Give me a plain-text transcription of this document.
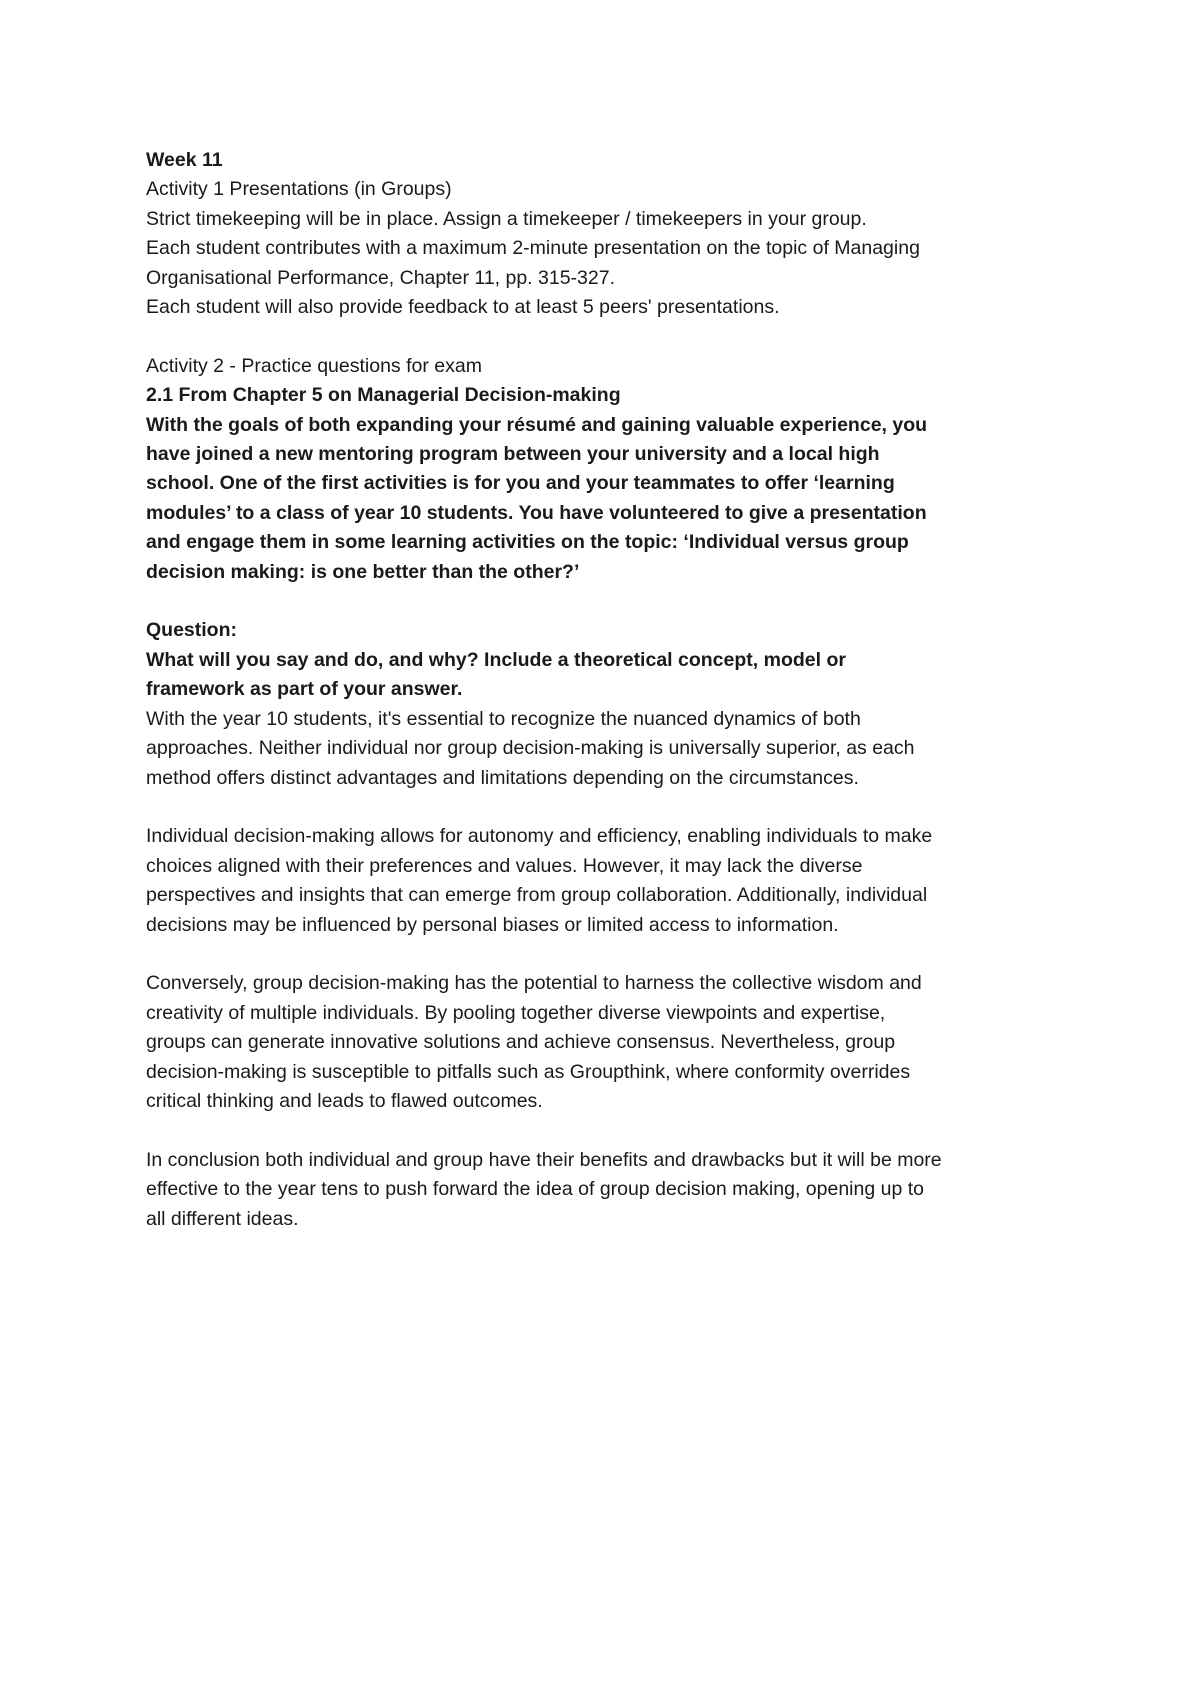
Week 11
Activity 1 Presentations (in Groups)
Strict timekeeping will be in place. Assign a timekeeper / timekeepers in your group.
Each student contributes with a maximum 2-minute presentation on the topic of Managing
Organisational Performance, Chapter 11, pp. 315-327.
Each student will also provide feedback to at least 5 peers' presentations.
Activity 2 - Practice questions for exam
2.1 From Chapter 5 on Managerial Decision-making
With the goals of both expanding your résumé and gaining valuable experience, you
have joined a new mentoring program between your university and a local high
school. One of the first activities is for you and your teammates to offer ‘learning
modules’ to a class of year 10 students. You have volunteered to give a presentation
and engage them in some learning activities on the topic: ‘Individual versus group
decision making: is one better than the other?’
Question:
What will you say and do, and why? Include a theoretical concept, model or
framework as part of your answer.
With the year 10 students, it's essential to recognize the nuanced dynamics of both
approaches. Neither individual nor group decision-making is universally superior, as each
method offers distinct advantages and limitations depending on the circumstances.
Individual decision-making allows for autonomy and efficiency, enabling individuals to make
choices aligned with their preferences and values. However, it may lack the diverse
perspectives and insights that can emerge from group collaboration. Additionally, individual
decisions may be influenced by personal biases or limited access to information.
Conversely, group decision-making has the potential to harness the collective wisdom and
creativity of multiple individuals. By pooling together diverse viewpoints and expertise,
groups can generate innovative solutions and achieve consensus. Nevertheless, group
decision-making is susceptible to pitfalls such as Groupthink, where conformity overrides
critical thinking and leads to flawed outcomes.
In conclusion both individual and group have their benefits and drawbacks but it will be more
effective to the year tens to push forward the idea of group decision making, opening up to
all different ideas.
